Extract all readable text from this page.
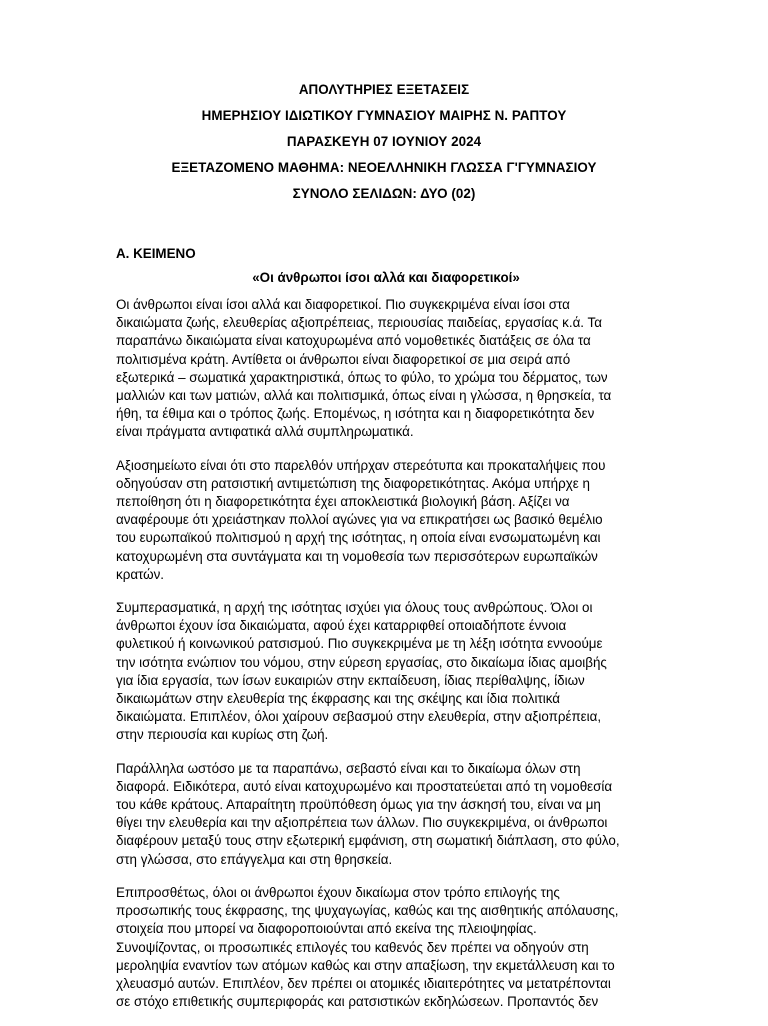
ΑΠΟΛΥΤΗΡΙΕΣ ΕΞΕΤΑΣΕΙΣ
ΗΜΕΡΗΣΙΟΥ ΙΔΙΩΤΙΚΟΥ ΓΥΜΝΑΣΙΟΥ ΜΑΙΡΗΣ Ν. ΡΑΠΤΟΥ
ΠΑΡΑΣΚΕΥΗ 07 ΙΟΥΝΙΟΥ 2024
ΕΞΕΤΑΖΟΜΕΝΟ ΜΑΘΗΜΑ: ΝΕΟΕΛΛΗΝΙΚΗ ΓΛΩΣΣΑ Γ'ΓΥΜΝΑΣΙΟΥ
ΣΥΝΟΛΟ ΣΕΛΙΔΩΝ: ΔΥΟ (02)
Α. ΚΕΙΜΕΝΟ
«Οι άνθρωποι ίσοι αλλά και διαφορετικοί»

Οι άνθρωποι είναι ίσοι αλλά και διαφορετικοί. Πιο συγκεκριμένα είναι ίσοι στα
δικαιώματα ζωής, ελευθερίας αξιοπρέπειας, περιουσίας παιδείας, εργασίας κ.ά. Τα
παραπάνω δικαιώματα είναι κατοχυρωμένα από νομοθετικές διατάξεις σε όλα τα
πολιτισμένα κράτη. Αντίθετα οι άνθρωποι είναι διαφορετικοί σε μια σειρά από
εξωτερικά – σωματικά χαρακτηριστικά, όπως το φύλο, το χρώμα του δέρματος, των
μαλλιών και των ματιών, αλλά και πολιτισμικά, όπως είναι η γλώσσα, η θρησκεία, τα
ήθη, τα έθιμα και ο τρόπος ζωής. Επομένως, η ισότητα και η διαφορετικότητα δεν
είναι πράγματα αντιφατικά αλλά συμπληρωματικά.

Αξιοσημείωτο είναι ότι στο παρελθόν υπήρχαν στερεότυπα και προκαταλήψεις που
οδηγούσαν στη ρατσιστική αντιμετώπιση της διαφορετικότητας. Ακόμα υπήρχε η
πεποίθηση ότι η διαφορετικότητα έχει αποκλειστικά βιολογική βάση. Αξίζει να
αναφέρουμε ότι χρειάστηκαν πολλοί αγώνες για να επικρατήσει ως βασικό θεμέλιο
του ευρωπαϊκού πολιτισμού η αρχή της ισότητας, η οποία είναι ενσωματωμένη και
κατοχυρωμένη στα συντάγματα και τη νομοθεσία των περισσότερων ευρωπαϊκών
κρατών.

Συμπερασματικά, η αρχή της ισότητας ισχύει για όλους τους ανθρώπους. Όλοι οι
άνθρωποι έχουν ίσα δικαιώματα, αφού έχει καταρριφθεί οποιαδήποτε έννοια
φυλετικού ή κοινωνικού ρατσισμού. Πιο συγκεκριμένα με τη λέξη ισότητα εννοούμε
την ισότητα ενώπιον του νόμου, στην εύρεση εργασίας, στο δικαίωμα ίδιας αμοιβής
για ίδια εργασία, των ίσων ευκαιριών στην εκπαίδευση, ίδιας περίθαλψης, ίδιων
δικαιωμάτων στην ελευθερία της έκφρασης και της σκέψης και ίδια πολιτικά
δικαιώματα. Επιπλέον, όλοι χαίρουν σεβασμού στην ελευθερία, στην αξιοπρέπεια,
στην περιουσία και κυρίως στη ζωή.

Παράλληλα ωστόσο με τα παραπάνω, σεβαστό είναι και το δικαίωμα όλων στη
διαφορά. Ειδικότερα, αυτό είναι κατοχυρωμένο και προστατεύεται από τη νομοθεσία
του κάθε κράτους. Απαραίτητη προϋπόθεση όμως για την άσκησή του, είναι να μη
θίγει την ελευθερία και την αξιοπρέπεια των άλλων. Πιο συγκεκριμένα, οι άνθρωποι
διαφέρουν μεταξύ τους στην εξωτερική εμφάνιση, στη σωματική διάπλαση, στο φύλο,
στη γλώσσα, στο επάγγελμα και στη θρησκεία.

Επιπροσθέτως, όλοι οι άνθρωποι έχουν δικαίωμα στον τρόπο επιλογής της
προσωπικής τους έκφρασης, της ψυχαγωγίας, καθώς και της αισθητικής απόλαυσης,
στοιχεία που μπορεί να διαφοροποιούνται από εκείνα της πλειοψηφίας.
Συνοψίζοντας, οι προσωπικές επιλογές του καθενός δεν πρέπει να οδηγούν στη
μεροληψία εναντίον των ατόμων καθώς και στην απαξίωση, την εκμετάλλευση και το
χλευασμό αυτών. Επιπλέον, δεν πρέπει οι ατομικές ιδιαιτερότητες να μετατρέπονται
σε στόχο επιθετικής συμπεριφοράς και ρατσιστικών εκδηλώσεων. Προπαντός δεν
